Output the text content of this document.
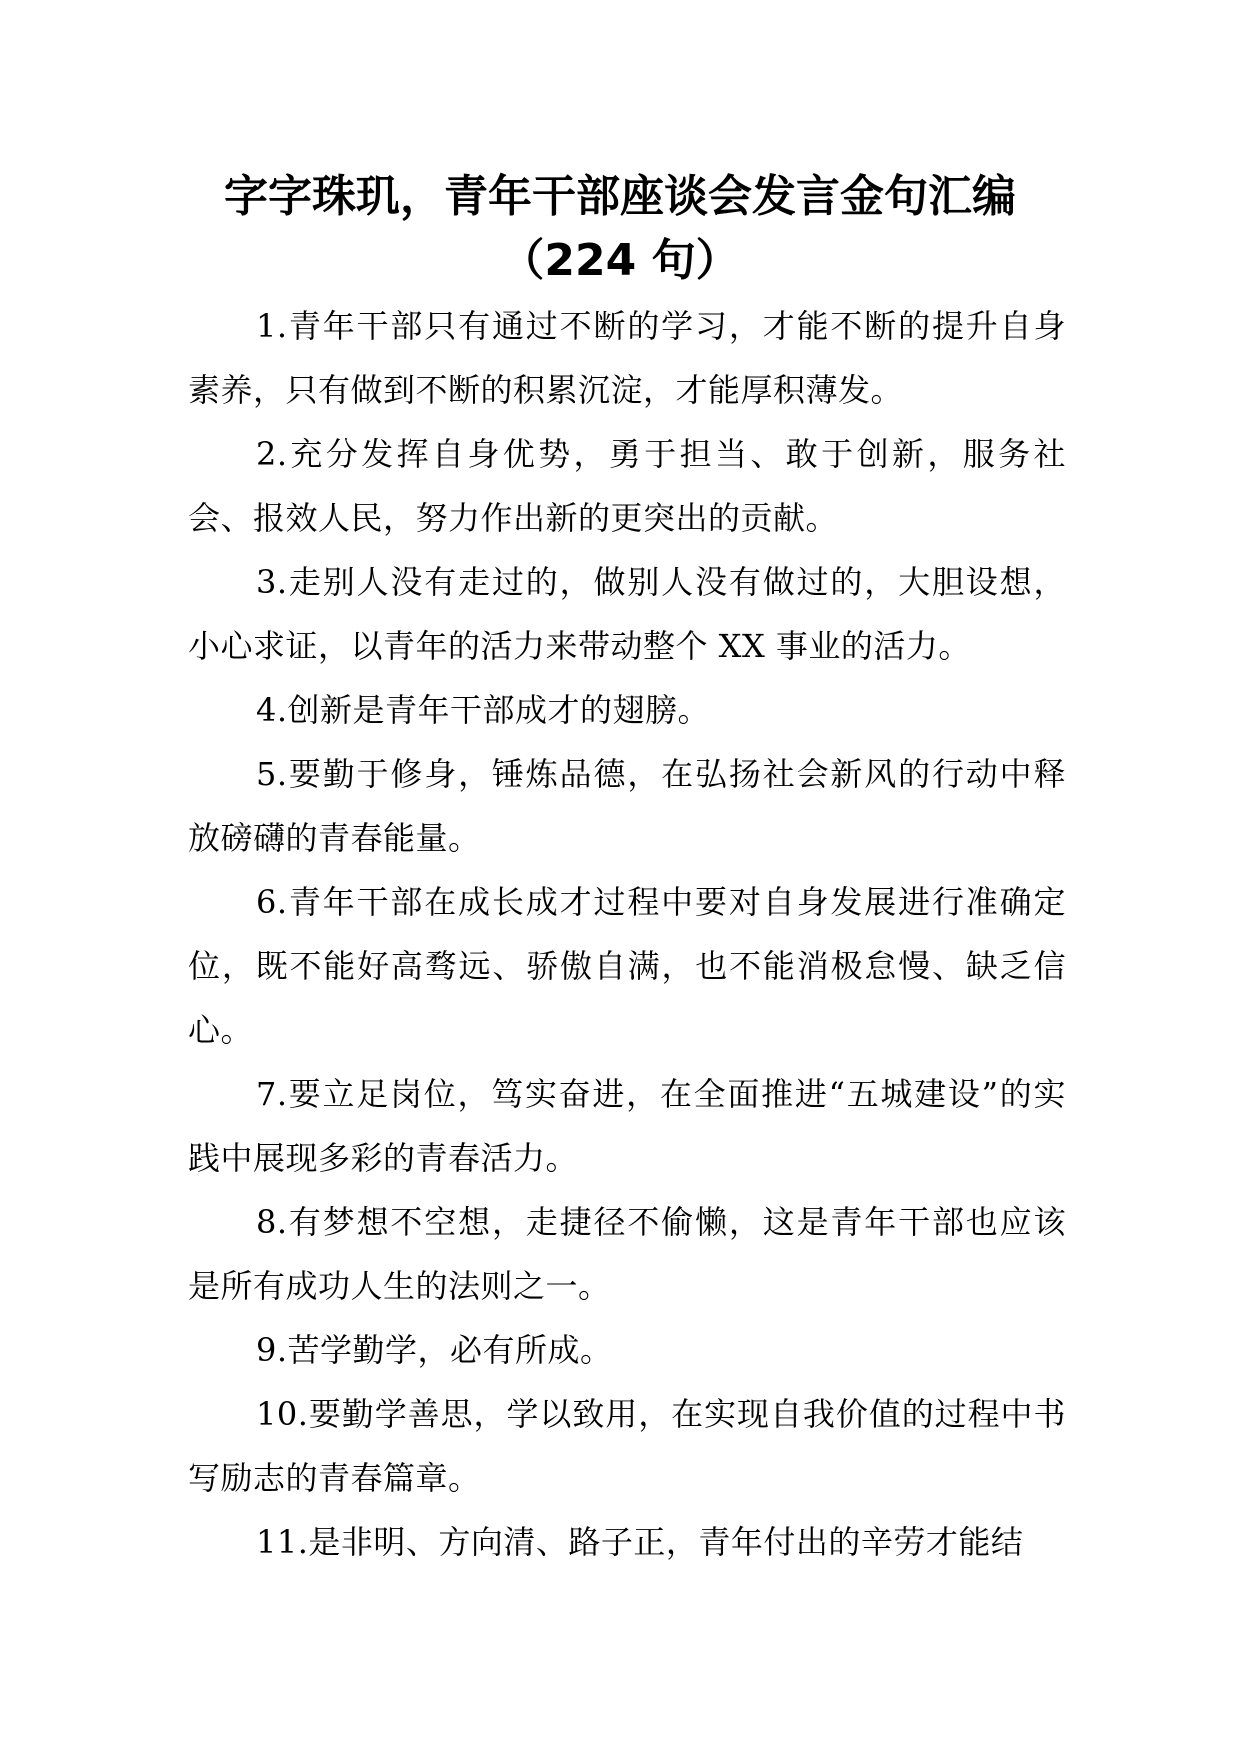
字字珠玑，青年干部座谈会发言金句汇编
（224 句）

1.青年干部只有通过不断的学习，才能不断的提升自身素养，只有做到不断的积累沉淀，才能厚积薄发。

2.充分发挥自身优势，勇于担当、敢于创新，服务社会、报效人民，努力作出新的更突出的贡献。

3.走别人没有走过的，做别人没有做过的，大胆设想，小心求证，以青年的活力来带动整个 XX 事业的活力。

4.创新是青年干部成才的翅膀。

5.要勤于修身，锤炼品德，在弘扬社会新风的行动中释放磅礴的青春能量。

6.青年干部在成长成才过程中要对自身发展进行准确定位，既不能好高骛远、骄傲自满，也不能消极怠慢、缺乏信心。

7.要立足岗位，笃实奋进，在全面推进“五城建设”的实践中展现多彩的青春活力。

8.有梦想不空想，走捷径不偷懒，这是青年干部也应该是所有成功人生的法则之一。

9.苦学勤学，必有所成。

10.要勤学善思，学以致用，在实现自我价值的过程中书写励志的青春篇章。

11.是非明、方向清、路子正，青年付出的辛劳才能结
